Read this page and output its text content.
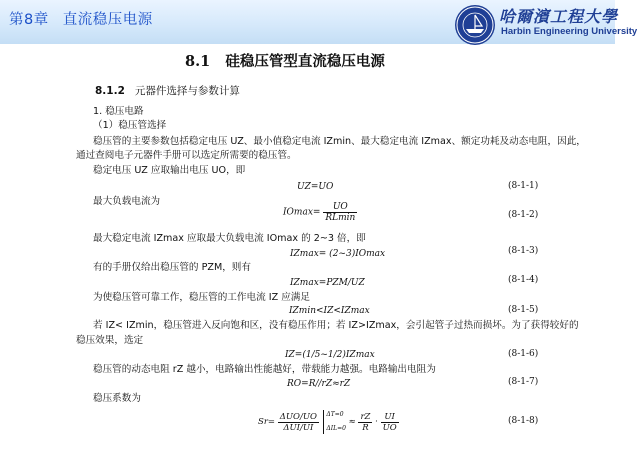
第8章 直流稳压电源	哈爾濱工程大學
Harbin Engineering University
8.1 硅稳压管型直流稳压电源
8.1.2 元器件选择与参数计算
1. 稳压电路
（1）稳压管选择
稳压管的主要参数包括稳定电压 UZ、最小值稳定电流 IZmin、最大稳定电流 IZmax、额定功耗及动态电阻，因此，
通过查阅电子元器件手册可以选定所需要的稳压管。
稳定电压 UZ 应取输出电压 UO，即
UZ=UO	(8-1-1)
最大负载电流为
$IOmax= \frac{UO}{RLmin}$	(8-1-2)
最大稳定电流 IZmax 应取最大负载电流 IOmax 的 2~3 倍，即
IZmax= (2~3)IOmax	(8-1-3)
有的手册仅给出稳压管的 PZM，则有
IZmax=PZM/UZ	(8-1-4)
为使稳压管可靠工作，稳压管的工作电流 IZ 应满足
IZmin<IZ<IZmax	(8-1-5)
若 IZ< IZmin，稳压管进入反向饱和区，没有稳压作用；若 IZ>IZmax，会引起管子过热而损坏。为了获得较好的
稳压效果，选定
IZ=(1/5~1/2)IZmax	(8-1-6)
稳压管的动态电阻 rZ 越小，电路输出性能越好，带载能力越强。电路输出电阻为
RO=R//rZ≈rZ	(8-1-7)
稳压系数为
$Sr= \frac{\text{ΔUO/UO}}{\text{ΔUI/UI}}$
ΔT=0
ΔIL=0
≈ $\frac{rZ}{R} \cdot \frac{UI}{UO}$	(8-1-8)
